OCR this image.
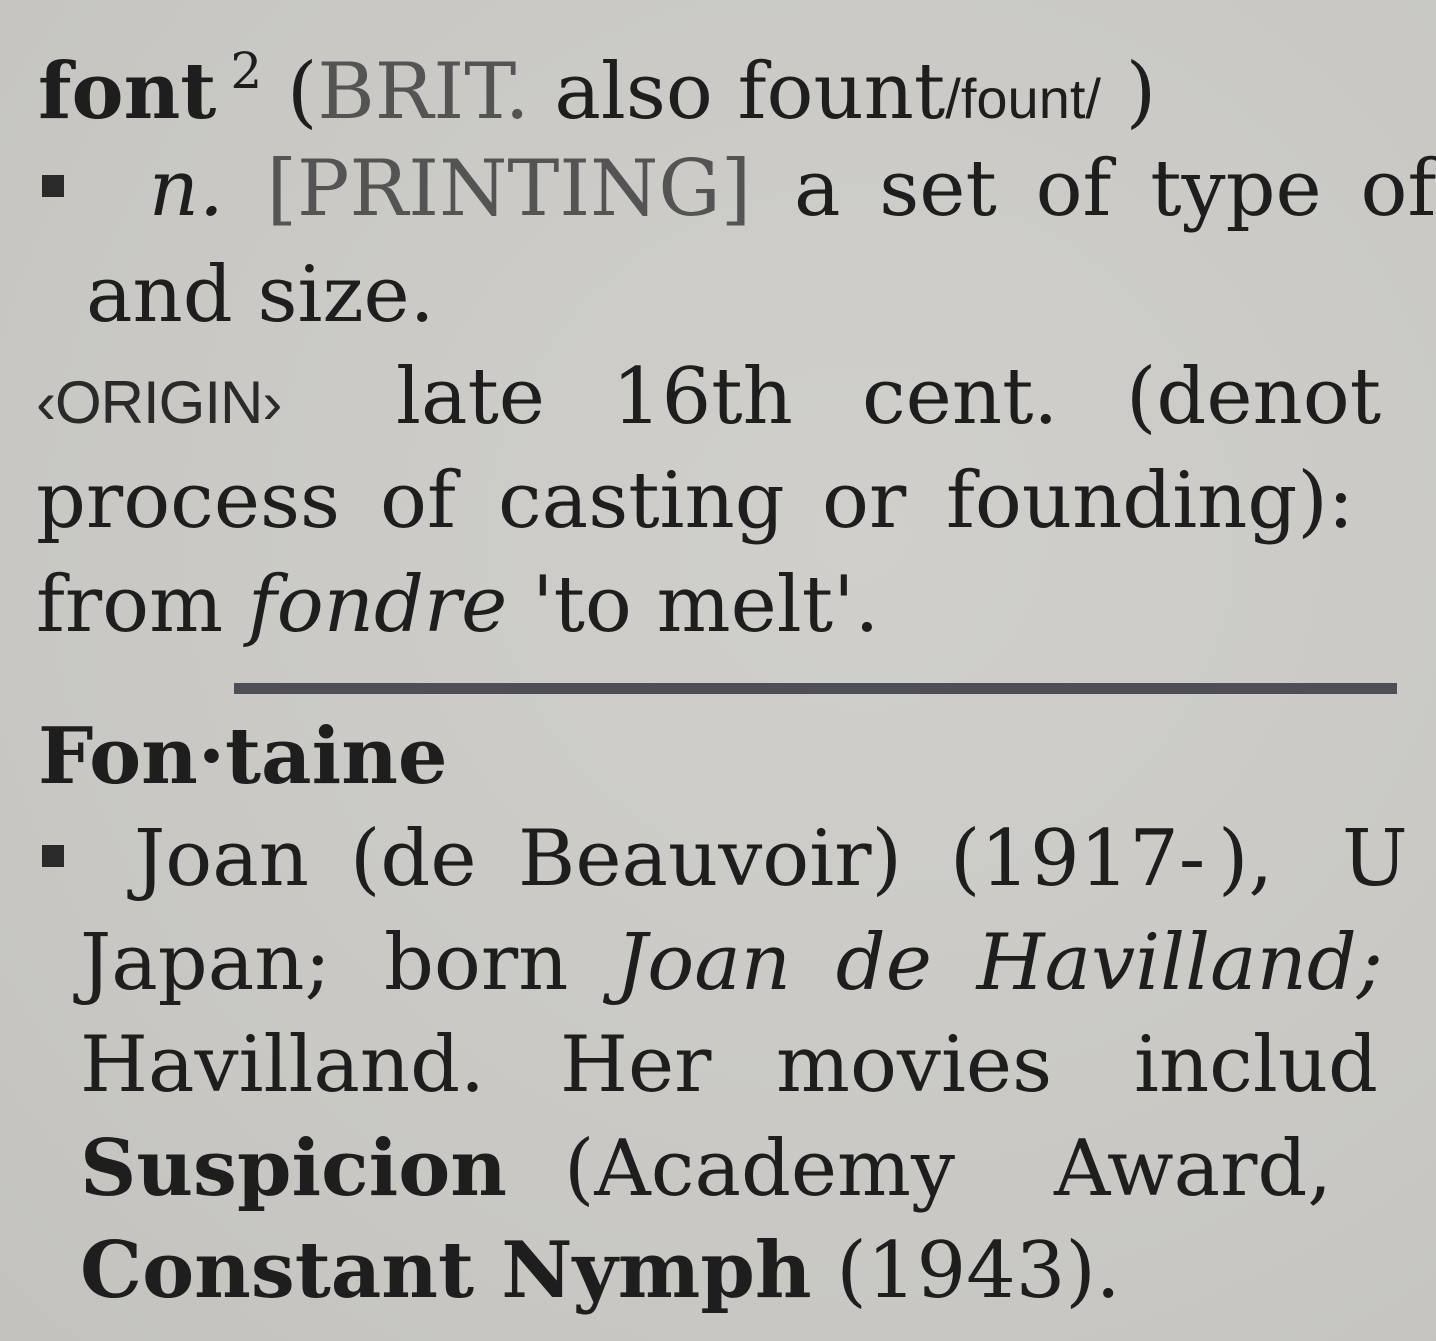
font $^2$ (BRIT. also fount/fount/ )
n. [PRINTING] a set of type of
and size.
‹ORIGIN› late 16th cent. (denot
process of casting or founding):
from fondre 'to melt'.
Fon·taine
Joan (de Beauvoir) (1917- ), U
Japan; born Joan de Havilland;
Havilland. Her movies includ
Suspicion (Academy Award,
Constant Nymph (1943).
